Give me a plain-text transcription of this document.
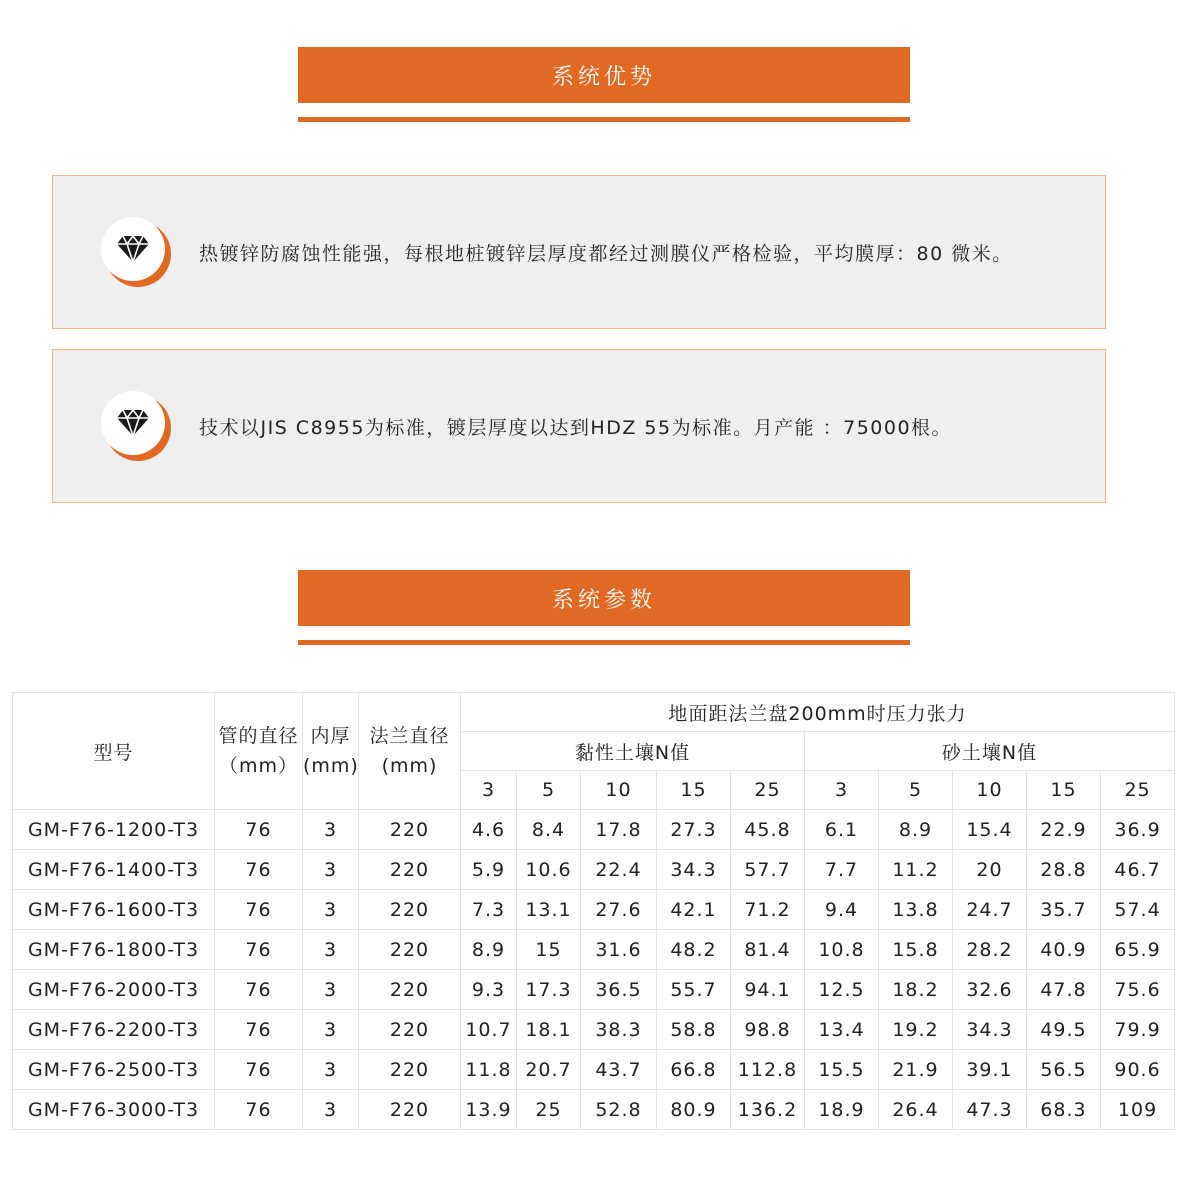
系统优势
热镀锌防腐蚀性能强，每根地桩镀锌层厚度都经过测膜仪严格检验，平均膜厚：80 微米。
技术以JIS C8955为标准，镀层厚度以达到HDZ 55为标准。月产能 ：75000根。
系统参数
型号	管的直径（mm）	内厚(mm)	法兰直径(mm)	地面距法兰盘200mm时压力张力									
				黏性土壤N值					砂土壤N值				
				3	5	10	15	25	3	5	10	15	25
GM-F76-1200-T3	76	3	220	4.6	8.4	17.8	27.3	45.8	6.1	8.9	15.4	22.9	36.9
GM-F76-1400-T3	76	3	220	5.9	10.6	22.4	34.3	57.7	7.7	11.2	20	28.8	46.7
GM-F76-1600-T3	76	3	220	7.3	13.1	27.6	42.1	71.2	9.4	13.8	24.7	35.7	57.4
GM-F76-1800-T3	76	3	220	8.9	15	31.6	48.2	81.4	10.8	15.8	28.2	40.9	65.9
GM-F76-2000-T3	76	3	220	9.3	17.3	36.5	55.7	94.1	12.5	18.2	32.6	47.8	75.6
GM-F76-2200-T3	76	3	220	10.7	18.1	38.3	58.8	98.8	13.4	19.2	34.3	49.5	79.9
GM-F76-2500-T3	76	3	220	11.8	20.7	43.7	66.8	112.8	15.5	21.9	39.1	56.5	90.6
GM-F76-3000-T3	76	3	220	13.9	25	52.8	80.9	136.2	18.9	26.4	47.3	68.3	109
